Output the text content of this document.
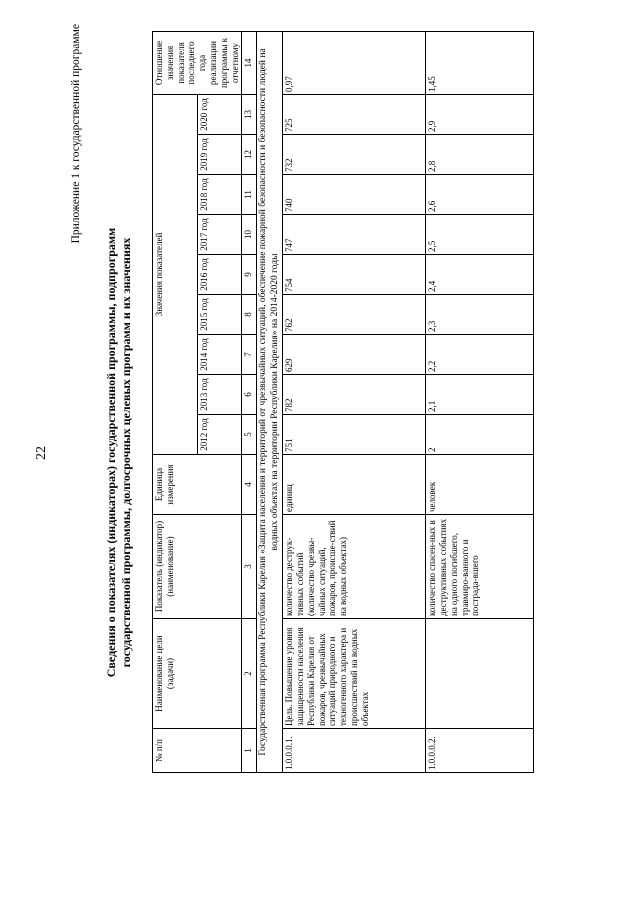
22
Приложение 1 к государственной программе
Сведения о показателях (индикаторах) государственной программы, подпрограмм государственной программы, долгосрочных целевых программ и их значениях
№ п/п	Наименование цели (задачи)	Показатель (индикатор) (наименование)	Единица измерения	Значения показателей									Отношение значения показателя последнего года реализации программы к отчетному
				2012 год	2013 год	2014 год	2015 год	2016 год	2017 год	2018 год	2019 год	2020 год	
1	2	3	4	5	6	7	8	9	10	11	12	13	14
Государственная программа Республики Карелия «Защита населения и территорий от чрезвычайных ситуаций, обеспечение пожарной безопасности и безопасности людей на водных объектах на территории Республики Карелия» на 2014-2020 годы													
1.0.0.0.1.	Цель. Повышение уровня защищенности населения Республики Карелия от пожаров, чрезвычайных ситуаций природного и техногенного характера и происшествий на водных объектах	количество деструк-тивных событий (количество чрезвы-чайных ситуаций, пожаров, происше-ствий на водных объектах)	единиц	751	782	629	762	754	747	740	732	725	0,97
1.0.0.0.2.		количество спасен-ных в деструктивных событиях на одного погибшего, травмиро-ванного и пострада-вшего	человек	2	2,1	2,2	2,3	2,4	2,5	2,6	2,8	2,9	1,45
